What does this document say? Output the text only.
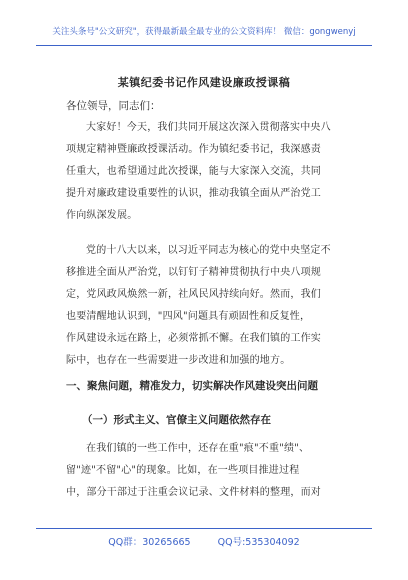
关注头条号"公文研究"，获得最新最全最专业的公文资料库！ 微信：gongwenyj
某镇纪委书记作风建设廉政授课稿
各位领导，同志们：
大家好！今天，我们共同开展这次深入贯彻落实中央八
项规定精神暨廉政授课活动。作为镇纪委书记，我深感责
任重大，也希望通过此次授课，能与大家深入交流，共同
提升对廉政建设重要性的认识，推动我镇全面从严治党工
作向纵深发展。
党的十八大以来，以习近平同志为核心的党中央坚定不
移推进全面从严治党，以钉钉子精神贯彻执行中央八项规
定，党风政风焕然一新，社风民风持续向好。然而，我们
也要清醒地认识到，"四风"问题具有顽固性和反复性，
作风建设永远在路上，必须常抓不懈。在我们镇的工作实
际中，也存在一些需要进一步改进和加强的地方。
一、聚焦问题，精准发力，切实解决作风建设突出问题
（一）形式主义、官僚主义问题依然存在
在我们镇的一些工作中，还存在重"痕"不重"绩"、
留"迹"不留"心"的现象。比如，在一些项目推进过程
中，部分干部过于注重会议记录、文件材料的整理，而对
QQ群：30265665	QQ号:535304092
